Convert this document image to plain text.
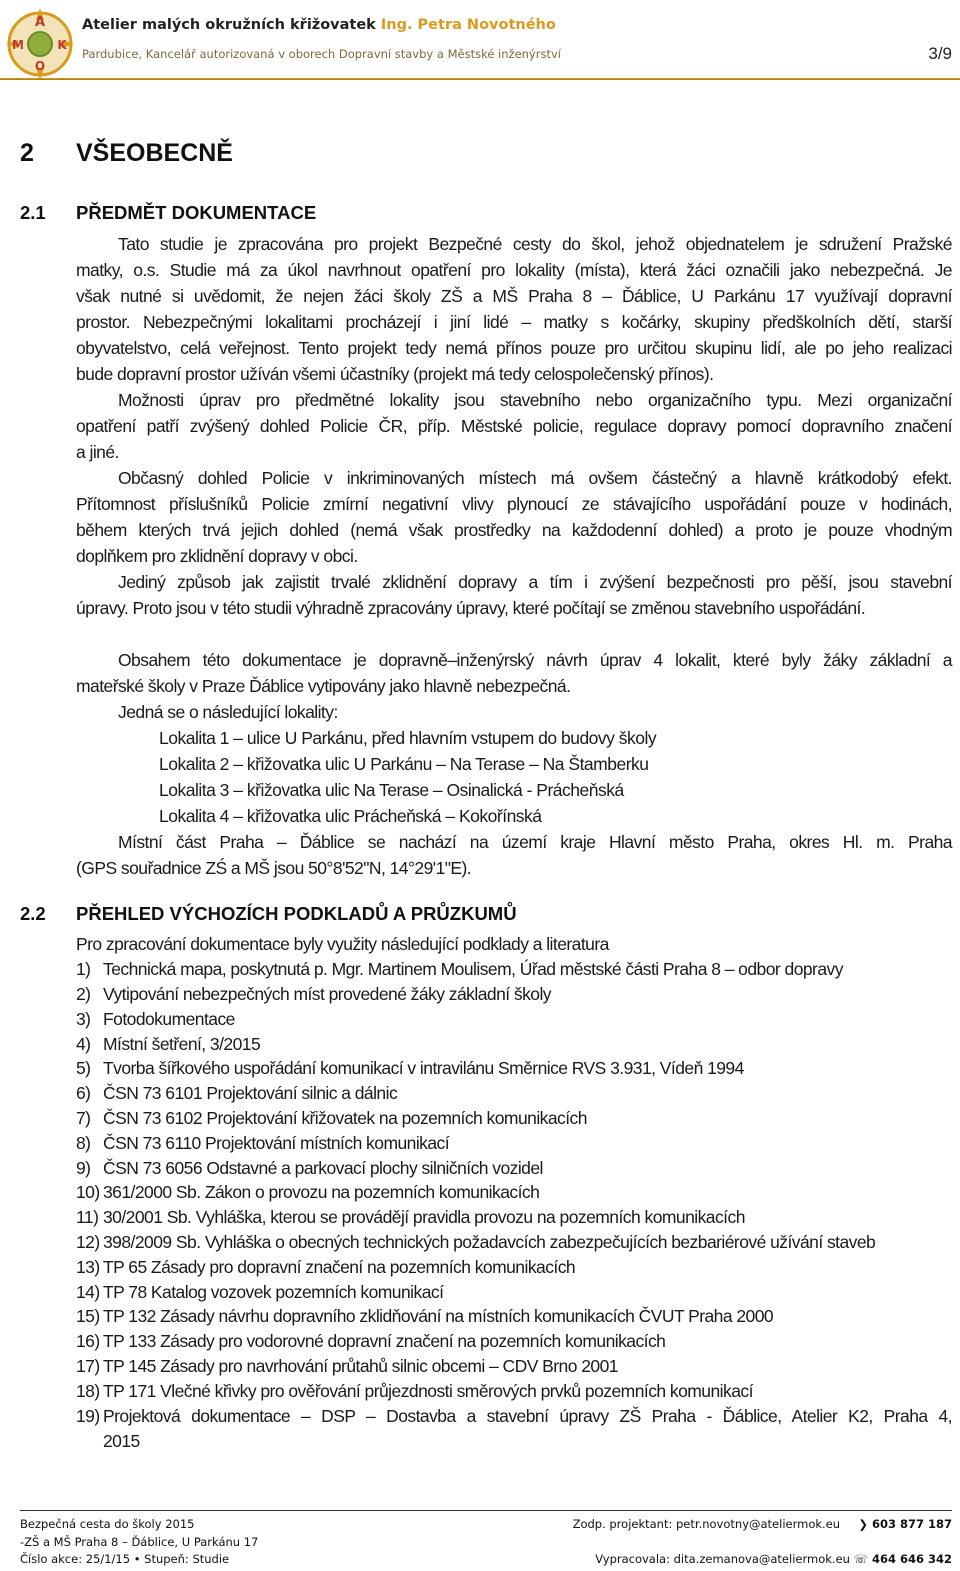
A
M
O
K
Atelier malých okružních křižovatek Ing. Petra Novotného
Pardubice, Kancelář autorizovaná v oborech Dopravní stavby a Městské inženýrství	3/9
2 VŠEOBECNĚ
2.1 PŘEDMĚT DOKUMENTACE
Tato studie je zpracována pro projekt Bezpečné cesty do škol, jehož objednatelem je sdružení Pražské
matky, o.s. Studie má za úkol navrhnout opatření pro lokality (místa), která žáci označili jako nebezpečná. Je
však nutné si uvědomit, že nejen žáci školy ZŠ a MŠ Praha 8 – Ďáblice, U Parkánu 17 využívají dopravní
prostor. Nebezpečnými lokalitami procházejí i jiní lidé – matky s kočárky, skupiny předškolních dětí, starší
obyvatelstvo, celá veřejnost. Tento projekt tedy nemá přínos pouze pro určitou skupinu lidí, ale po jeho realizaci
bude dopravní prostor užíván všemi účastníky (projekt má tedy celospolečenský přínos).
Možnosti úprav pro předmětné lokality jsou stavebního nebo organizačního typu. Mezi organizační
opatření patří zvýšený dohled Policie ČR, příp. Městské policie, regulace dopravy pomocí dopravního značení
a jiné.
Občasný dohled Policie v inkriminovaných místech má ovšem částečný a hlavně krátkodobý efekt.
Přítomnost příslušníků Policie zmírní negativní vlivy plynoucí ze stávajícího uspořádání pouze v hodinách,
během kterých trvá jejich dohled (nemá však prostředky na každodenní dohled) a proto je pouze vhodným
doplňkem pro zklidnění dopravy v obci.
Jediný způsob jak zajistit trvalé zklidnění dopravy a tím i zvýšení bezpečnosti pro pěší, jsou stavební
úpravy. Proto jsou v této studii výhradně zpracovány úpravy, které počítají se změnou stavebního uspořádání.
Obsahem této dokumentace je dopravně–inženýrský návrh úprav 4 lokalit, které byly žáky základní a
mateřské školy v Praze Ďáblice vytipovány jako hlavně nebezpečná.
Jedná se o následující lokality:
Lokalita 1 – ulice U Parkánu, před hlavním vstupem do budovy školy
Lokalita 2 – křižovatka ulic U Parkánu – Na Terase – Na Štamberku
Lokalita 3 – křižovatka ulic Na Terase – Osinalická - Prácheňská
Lokalita 4 – křižovatka ulic Prácheňská – Kokořínská
Místní část Praha – Ďáblice se nachází na území kraje Hlavní město Praha, okres Hl. m. Praha
(GPS souřadnice ZŚ a MŠ jsou 50°8'52"N, 14°29'1"E).
2.2 PŘEHLED VÝCHOZÍCH PODKLADŮ A PRŮZKUMŮ
Pro zpracování dokumentace byly využity následující podklady a literatura
1) Technická mapa, poskytnutá p. Mgr. Martinem Moulisem, Úřad městské části Praha 8 – odbor dopravy
2) Vytipování nebezpečných míst provedené žáky základní školy
3) Fotodokumentace
4) Místní šetření, 3/2015
5) Tvorba šířkového uspořádání komunikací v intravilánu Směrnice RVS 3.931, Vídeň 1994
6) ČSN 73 6101 Projektování silnic a dálnic
7) ČSN 73 6102 Projektování křižovatek na pozemních komunikacích
8) ČSN 73 6110 Projektování místních komunikací
9) ČSN 73 6056 Odstavné a parkovací plochy silničních vozidel
10) 361/2000 Sb. Zákon o provozu na pozemních komunikacích
11) 30/2001 Sb. Vyhláška, kterou se provádějí pravidla provozu na pozemních komunikacích
12) 398/2009 Sb. Vyhláška o obecných technických požadavcích zabezpečujících bezbariérové užívání staveb
13) TP 65 Zásady pro dopravní značení na pozemních komunikacích
14) TP 78 Katalog vozovek pozemních komunikací
15) TP 132 Zásady návrhu dopravního zklidňování na místních komunikacích ČVUT Praha 2000
16) TP 133 Zásady pro vodorovné dopravní značení na pozemních komunikacích
17) TP 145 Zásady pro navrhování průtahů silnic obcemi – CDV Brno 2001
18) TP 171 Vlečné křivky pro ověřování průjezdnosti směrových prvků pozemních komunikací
19) Projektová dokumentace – DSP – Dostavba a stavební úpravy ZŠ Praha - Ďáblice, Atelier K2, Praha 4,
2015
Bezpečná cesta do školy 2015
-ZŠ a MŠ Praha 8 – Ďáblice, U Parkánu 17
Číslo akce: 25/1/15 • Stupeň: Studie
Zodp. projektant: petr.novotny@ateliermok.eu ❯ 603 877 187
Vypracovala: dita.zemanova@ateliermok.eu ☏ 464 646 342
